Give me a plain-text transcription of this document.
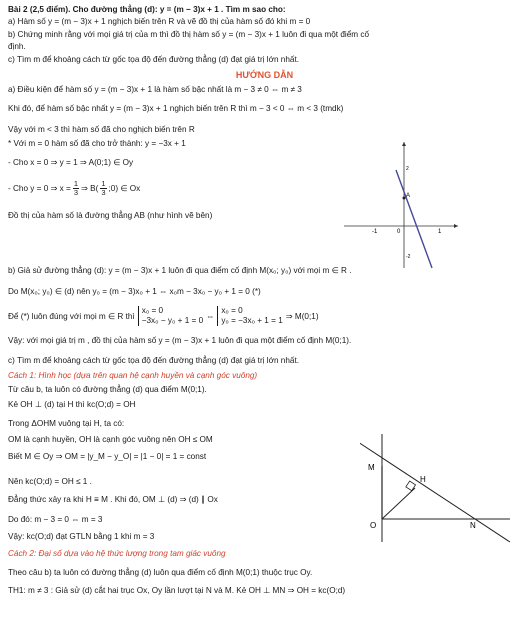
Bài 2 (2,5 điểm). Cho đường thẳng (d): y = (m − 3)x + 1 . Tìm m sao cho:
a) Hàm số y = (m − 3)x + 1 nghịch biến trên R và vẽ đồ thị của hàm số đó khi m = 0
b) Chứng minh rằng với mọi giá trị của m thì đồ thị hàm số y = (m − 3)x + 1 luôn đi qua một điểm cố
định.
c) Tìm m để khoảng cách từ gốc tọa độ đến đường thẳng (d) đạt giá trị lớn nhất.
HƯỚNG DẪN
a) Điều kiện để hàm số y = (m − 3)x + 1 là hàm số bậc nhất là m − 3 ≠ 0 ⇔ m ≠ 3
Khi đó, để hàm số bậc nhất y = (m − 3)x + 1 nghịch biến trên R thì m − 3 < 0 ⇔ m < 3 (tmdk)
Vậy với m < 3 thì hàm số đã cho nghịch biến trên R
* Với m = 0 hàm số đã cho trở thành: y = −3x + 1
- Cho x = 0 ⇒ y = 1 ⇒ A(0;1) ∈ Oy
- Cho y = 0 ⇒ $x = \frac{1}{3}$ ⇒ $B( \frac{1}{3}$ ;0) ∈ Ox
Đồ thị của hàm số là đường thẳng AB (như hình vẽ bên)
A
0
-1	1
2
-2
b) Giả sử đường thẳng (d): y = (m − 3)x + 1 luôn đi qua điểm cố định M(x₀; y₀) với mọi m ∈ R .
Do M(x₀; y₀) ∈ (d) nên y₀ = (m − 3)x₀ + 1 ⇔ x₀m − 3x₀ − y₀ + 1 = 0 (*)
Để (*) luôn đúng với mọi m ∈ R thì
x₀ = 0
−3x₀ − y₀ + 1 = 0 ⇔
x₀ = 0
y₀ = −3x₀ + 1 = 1 ⇒ M(0;1)
Vậy: với mọi giá trị m , đồ thị của hàm số y = (m − 3)x + 1 luôn đi qua một điểm cố định M(0;1).
c) Tìm m để khoảng cách từ gốc tọa độ đến đường thẳng (d) đạt giá trị lớn nhất.
Cách 1: Hình học (dựa trên quan hệ cạnh huyền và cạnh góc vuông)
Từ câu b, ta luôn có đường thẳng (d) qua điểm M(0;1).
Kẻ OH ⊥ (d) tại H thì kc(O;d) = OH
Trong ΔOHM vuông tại H, ta có:
OM là cạnh huyền, OH là cạnh góc vuông nên OH ≤ OM
Biết M ∈ Oy ⇒ OM = |y_M − y_O| = |1 − 0| = 1 = const
Nên kc(O;d) = OH ≤ 1 .
Đẳng thức xảy ra khi H ≡ M . Khi đó, OM ⊥ (d) ⇒ (d) ∥ Ox
Do đó: m − 3 = 0 ⇔ m = 3
Vậy: kc(O;d) đạt GTLN bằng 1 khi m = 3
Cách 2: Đại số dựa vào hệ thức lượng trong tam giác vuông
Theo câu b) ta luôn có đường thẳng (d) luôn qua điểm cố định M(0;1) thuộc trục Oy.
TH1: m ≠ 3 : Giả sử (d) cắt hai trục Ox, Oy lần lượt tại N và M. Kẻ OH ⊥ MN ⇒ OH = kc(O;d)
M
H
O	N
